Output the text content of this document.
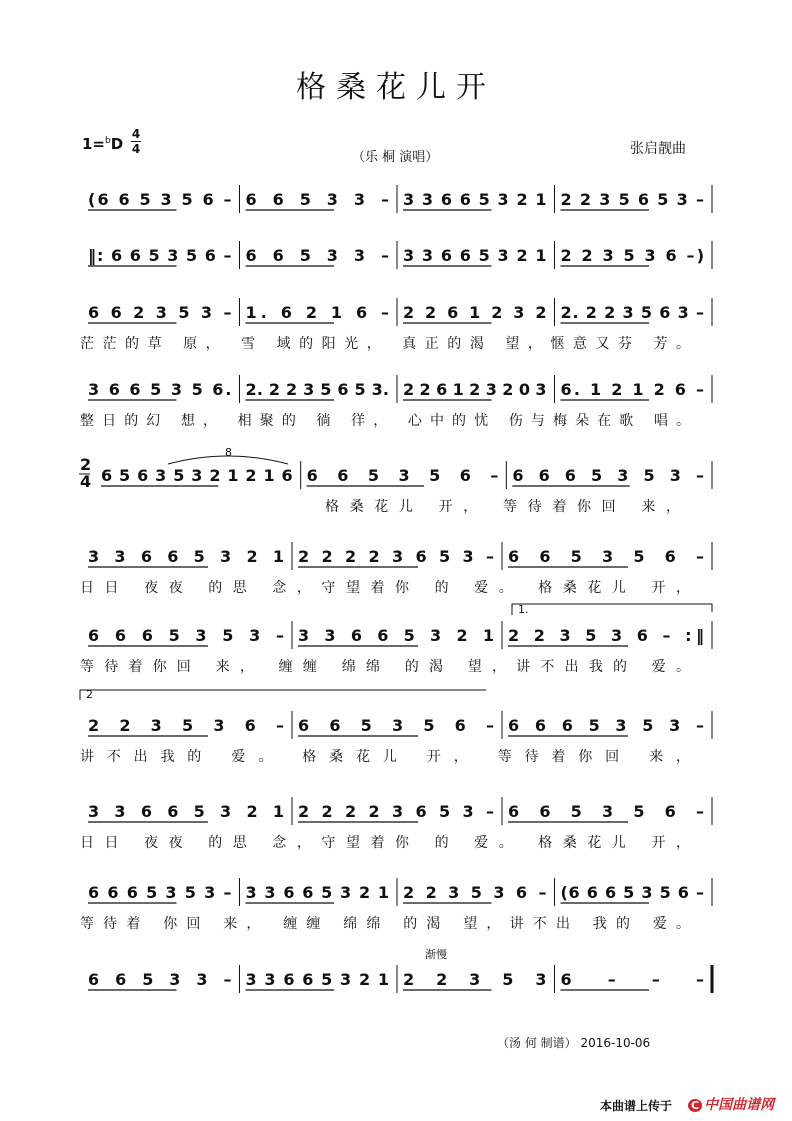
格桑花儿开
1=$^b$D
4
4
（乐 桐 演唱）
张启靓曲
(6 6 5 3 5 6 – 6 6 5 3 3 – 3 3 6 6 5 3 2 1 2 2 3 5 6 5 3 –
‖: 6 6 5 3 5 6 – 6 6 5 3 3 – 3 3 6 6 5 3 2 1 2 2 3 5 3 6 –)
6 6 2 3 5 3 – 1. 6 2 1 6 – 2 2 6 1 2 3 2 2. 2 2 3 5 6 3 –
茫茫的草 原， 雪 域的阳光， 真正的渴 望，惬意又芬 芳。
3 6 6 5 3 5 6. 2. 2 2 3 5 6 5 3. 2 2 6 1 2 3 2 0 3 6. 1 2 1 2 6 –
整日的幻 想， 相聚的 徜 徉， 心中的忧 伤与梅朵在歌 唱。
6 5 6 3 5 3 2 1 2 1 6 6 6 5 3 5 6 – 6 6 6 5 3 5 3 –
格桑花儿 开， 等待着你回 来，
3 3 6 6 5 3 2 1 2 2 2 2 3 6 5 3 – 6 6 5 3 5 6 –
日日 夜夜 的思 念，守望着你 的 爱。 格桑花儿 开，
6 6 6 5 3 5 3 – 3 3 6 6 5 3 2 1 2 2 3 5 3 6 – :‖
等待着你回 来， 缠缠 绵绵 的渴 望，讲不出我的 爱。
2 2 3 5 3 6 – 6 6 5 3 5 6 – 6 6 6 5 3 5 3 –
讲不出我的 爱。 格桑花儿 开， 等待着你回 来，
3 3 6 6 5 3 2 1 2 2 2 2 3 6 5 3 – 6 6 5 3 5 6 –
日日 夜夜 的思 念，守望着你 的 爱。 格桑花儿 开，
6 6 6 5 3 5 3 – 3 3 6 6 5 3 2 1 2 2 3 5 3 6 – (6 6 6 5 3 5 6 –
等待着 你回 来， 缠缠 绵绵 的渴 望，讲不出 我的 爱。
6 6 5 3 3 – 3 3 6 6 5 3 2 1 2 2 3 5 3 6 – – –
1.
2
8
2
4
渐慢
（汤 何 制谱） 2016-10-06
本曲谱上传于 C 中国曲谱网
